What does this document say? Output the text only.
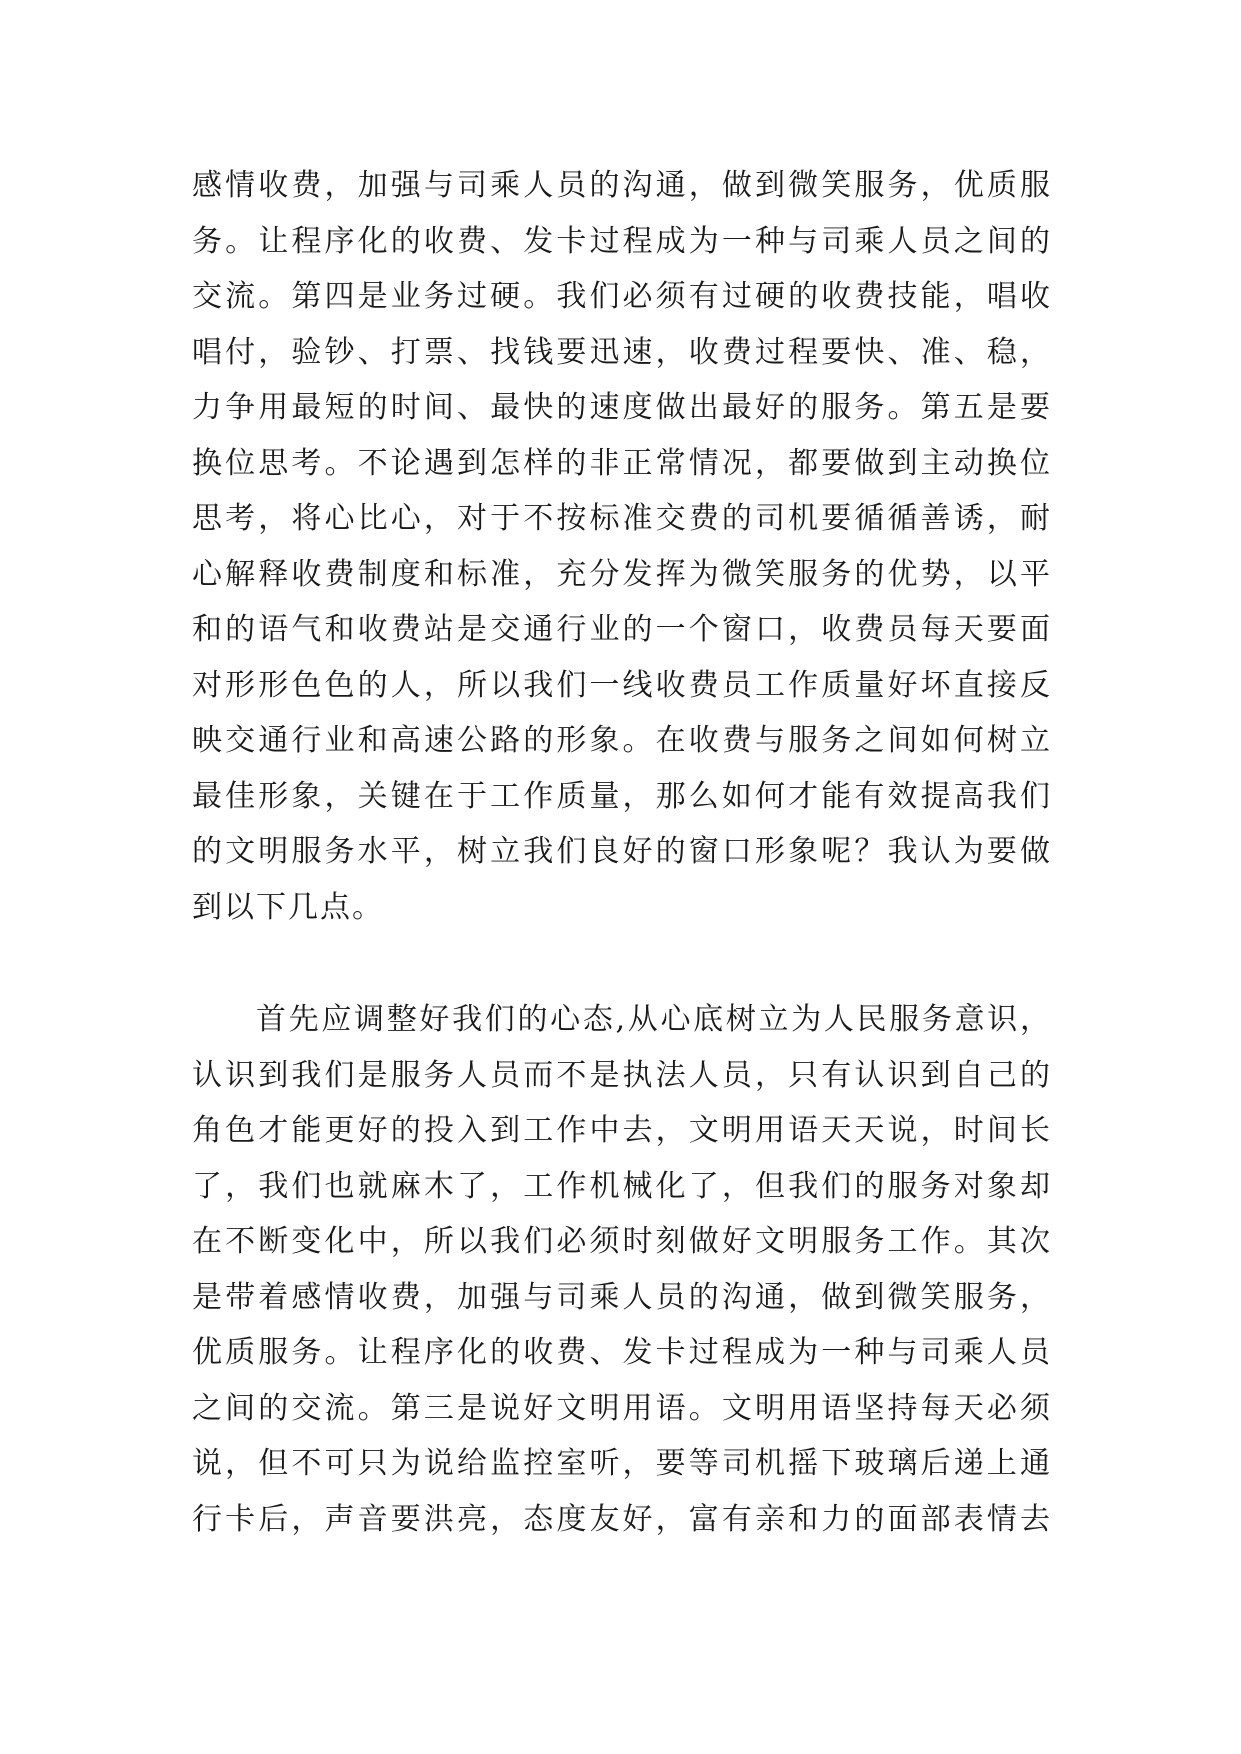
感情收费，加强与司乘人员的沟通，做到微笑服务，优质服
务。让程序化的收费、发卡过程成为一种与司乘人员之间的
交流。第四是业务过硬。我们必须有过硬的收费技能，唱收
唱付，验钞、打票、找钱要迅速，收费过程要快、准、稳，
力争用最短的时间、最快的速度做出最好的服务。第五是要
换位思考。不论遇到怎样的非正常情况，都要做到主动换位
思考，将心比心，对于不按标准交费的司机要循循善诱，耐
心解释收费制度和标准，充分发挥为微笑服务的优势，以平
和的语气和收费站是交通行业的一个窗口，收费员每天要面
对形形色色的人，所以我们一线收费员工作质量好坏直接反
映交通行业和高速公路的形象。在收费与服务之间如何树立
最佳形象，关键在于工作质量，那么如何才能有效提高我们
的文明服务水平，树立我们良好的窗口形象呢？我认为要做
到以下几点。
首先应调整好我们的心态,从心底树立为人民服务意识，
认识到我们是服务人员而不是执法人员，只有认识到自己的
角色才能更好的投入到工作中去，文明用语天天说，时间长
了，我们也就麻木了，工作机械化了，但我们的服务对象却
在不断变化中，所以我们必须时刻做好文明服务工作。其次
是带着感情收费，加强与司乘人员的沟通，做到微笑服务，
优质服务。让程序化的收费、发卡过程成为一种与司乘人员
之间的交流。第三是说好文明用语。文明用语坚持每天必须
说，但不可只为说给监控室听，要等司机摇下玻璃后递上通
行卡后，声音要洪亮，态度友好，富有亲和力的面部表情去
